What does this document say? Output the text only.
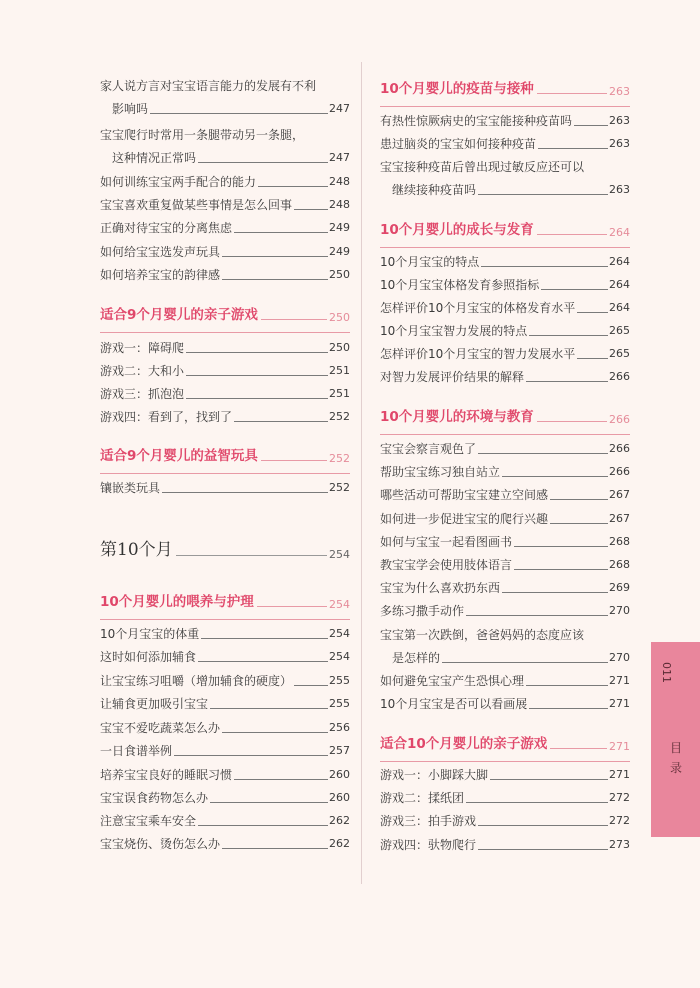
家人说方言对宝宝语言能力的发展有不利
影响吗	247
宝宝爬行时常用一条腿带动另一条腿，
这种情况正常吗	247
如何训练宝宝两手配合的能力	248
宝宝喜欢重复做某些事情是怎么回事	248
正确对待宝宝的分离焦虑	249
如何给宝宝选发声玩具	249
如何培养宝宝的韵律感	250
适合9个月婴儿的亲子游戏	250
游戏一：障碍爬	250
游戏二：大和小	251
游戏三：抓泡泡	251
游戏四：看到了，找到了	252
适合9个月婴儿的益智玩具	252
镶嵌类玩具	252
第10个月	254
10个月婴儿的喂养与护理	254
10个月宝宝的体重	254
这时如何添加辅食	254
让宝宝练习咀嚼（增加辅食的硬度）	255
让辅食更加吸引宝宝	255
宝宝不爱吃蔬菜怎么办	256
一日食谱举例	257
培养宝宝良好的睡眠习惯	260
宝宝误食药物怎么办	260
注意宝宝乘车安全	262
宝宝烧伤、烫伤怎么办	262
10个月婴儿的疫苗与接种	263
有热性惊厥病史的宝宝能接种疫苗吗	263
患过脑炎的宝宝如何接种疫苗	263
宝宝接种疫苗后曾出现过敏反应还可以
继续接种疫苗吗	263
10个月婴儿的成长与发育	264
10个月宝宝的特点	264
10个月宝宝体格发育参照指标	264
怎样评价10个月宝宝的体格发育水平	264
10个月宝宝智力发展的特点	265
怎样评价10个月宝宝的智力发展水平	265
对智力发展评价结果的解释	266
10个月婴儿的环境与教育	266
宝宝会察言观色了	266
帮助宝宝练习独自站立	266
哪些活动可帮助宝宝建立空间感	267
如何进一步促进宝宝的爬行兴趣	267
如何与宝宝一起看图画书	268
教宝宝学会使用肢体语言	268
宝宝为什么喜欢扔东西	269
多练习撒手动作	270
宝宝第一次跌倒，爸爸妈妈的态度应该
是怎样的	270
如何避免宝宝产生恐惧心理	271
10个月宝宝是否可以看画展	271
适合10个月婴儿的亲子游戏	271
游戏一：小脚踩大脚	271
游戏二：揉纸团	272
游戏三：拍手游戏	272
游戏四：驮物爬行	273
011
目录
